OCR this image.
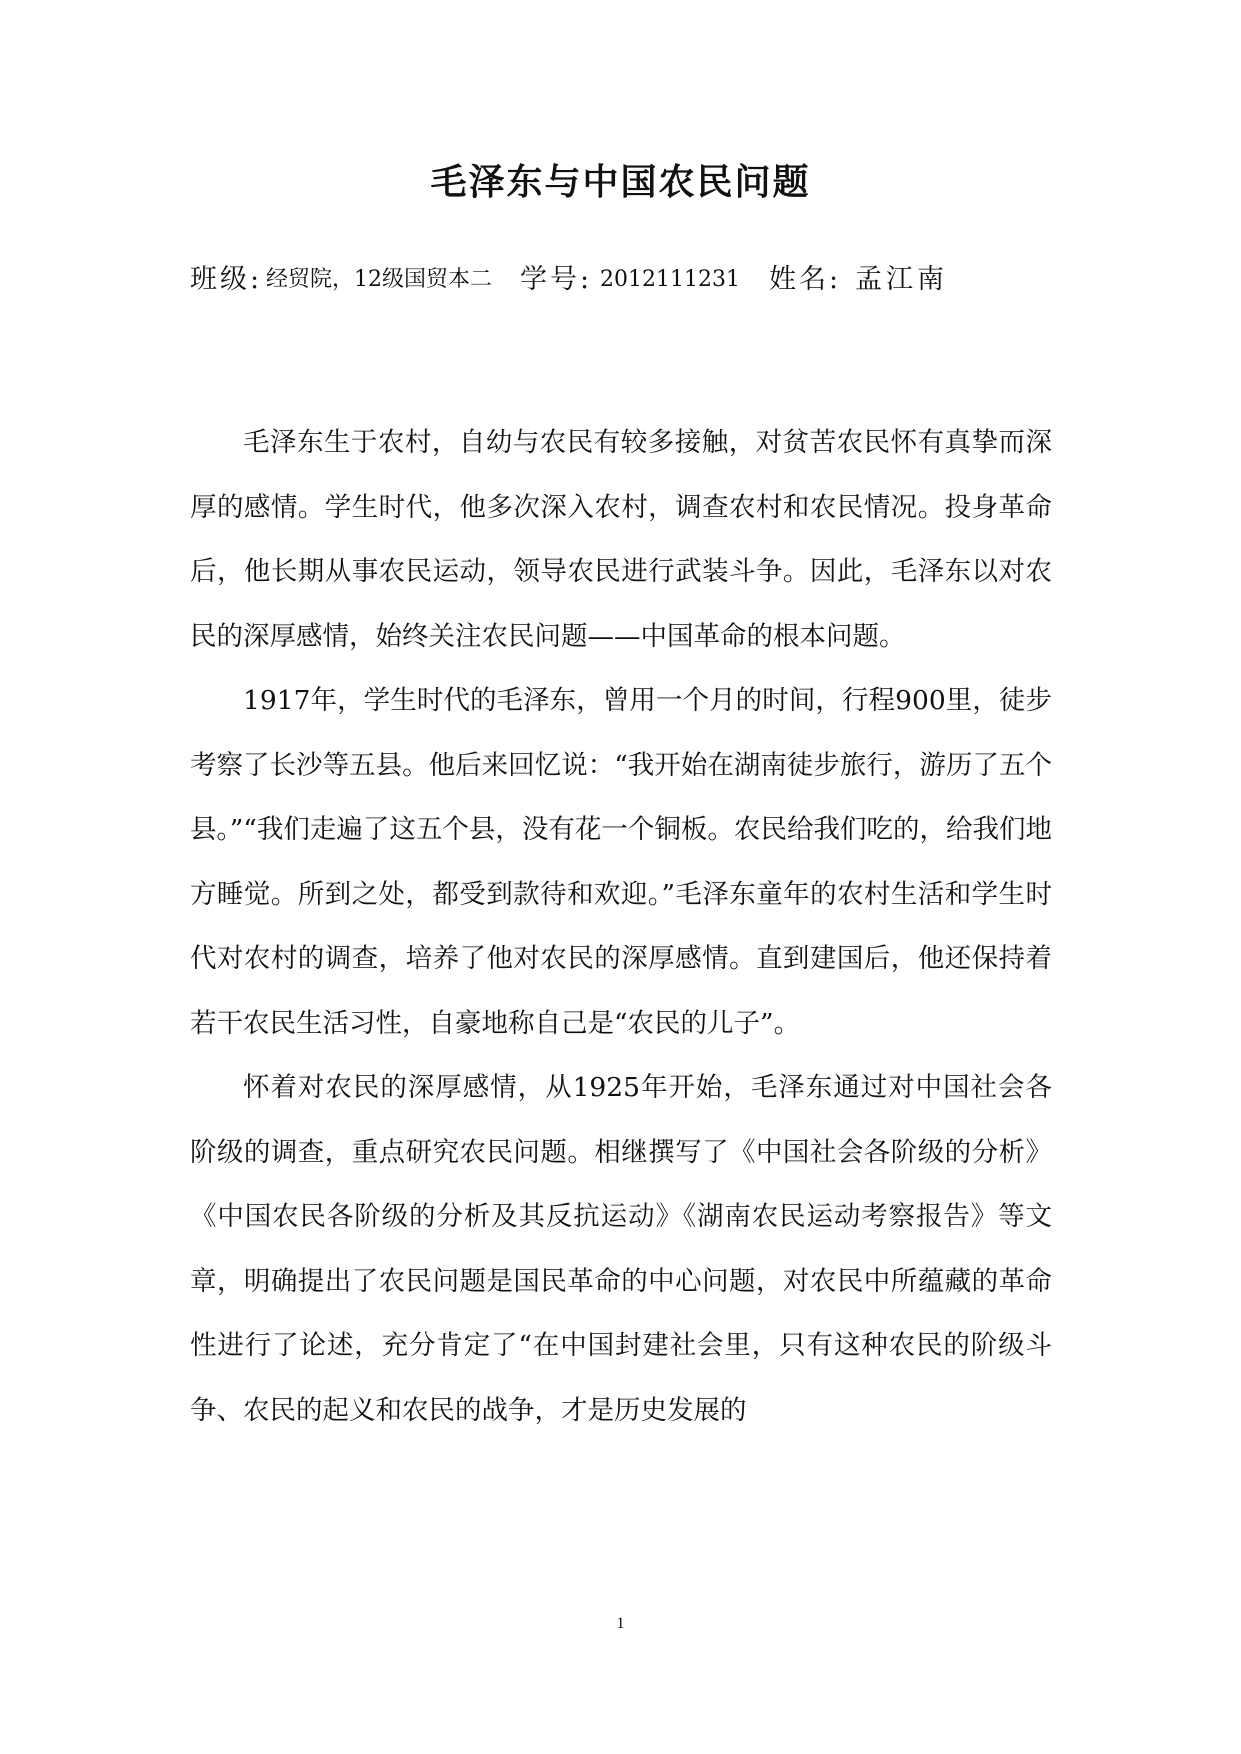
毛泽东与中国农民问题
班级: 经贸院，12级国贸本二 学号: 2012111231 姓名: 孟江南

毛泽东生于农村，自幼与农民有较多接触，对贫苦农民怀有真挚而深厚的感情。学生时代，他多次深入农村，调查农村和农民情况。投身革命后，他长期从事农民运动，领导农民进行武装斗争。因此，毛泽东以对农民的深厚感情，始终关注农民问题——中国革命的根本问题。

1917年，学生时代的毛泽东，曾用一个月的时间，行程900里，徒步考察了长沙等五县。他后来回忆说：“我开始在湖南徒步旅行，游历了五个县。”“我们走遍了这五个县，没有花一个铜板。农民给我们吃的，给我们地方睡觉。所到之处，都受到款待和欢迎。”毛泽东童年的农村生活和学生时代对农村的调查，培养了他对农民的深厚感情。直到建国后，他还保持着若干农民生活习性，自豪地称自己是“农民的儿子”。

怀着对农民的深厚感情，从1925年开始，毛泽东通过对中国社会各阶级的调查，重点研究农民问题。相继撰写了《中国社会各阶级的分析》《中国农民各阶级的分析及其反抗运动》《湖南农民运动考察报告》等文章，明确提出了农民问题是国民革命的中心问题，对农民中所蕴藏的革命性进行了论述，充分肯定了“在中国封建社会里，只有这种农民的阶级斗争、农民的起义和农民的战争，才是历史发展的

1
